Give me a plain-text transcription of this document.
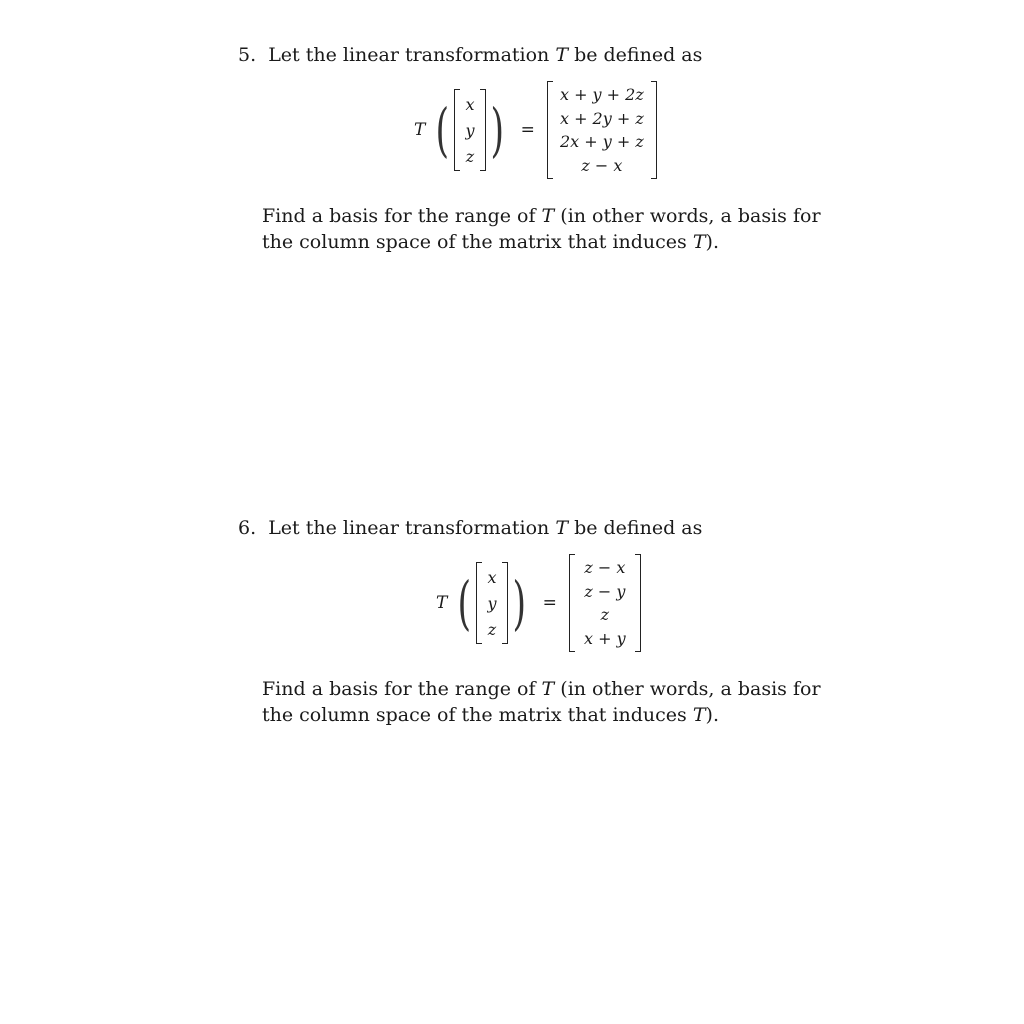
5. Let the linear transformation T be defined as
T ( x
y
z ) =
x + y + 2z
x + 2y + z
2x + y + z
z − x
Find a basis for the range of T (in other words, a basis for the column space of the matrix that induces T).
6. Let the linear transformation T be defined as
T ( x
y
z ) =
z − x
z − y
z
x + y
Find a basis for the range of T (in other words, a basis for the column space of the matrix that induces T).
